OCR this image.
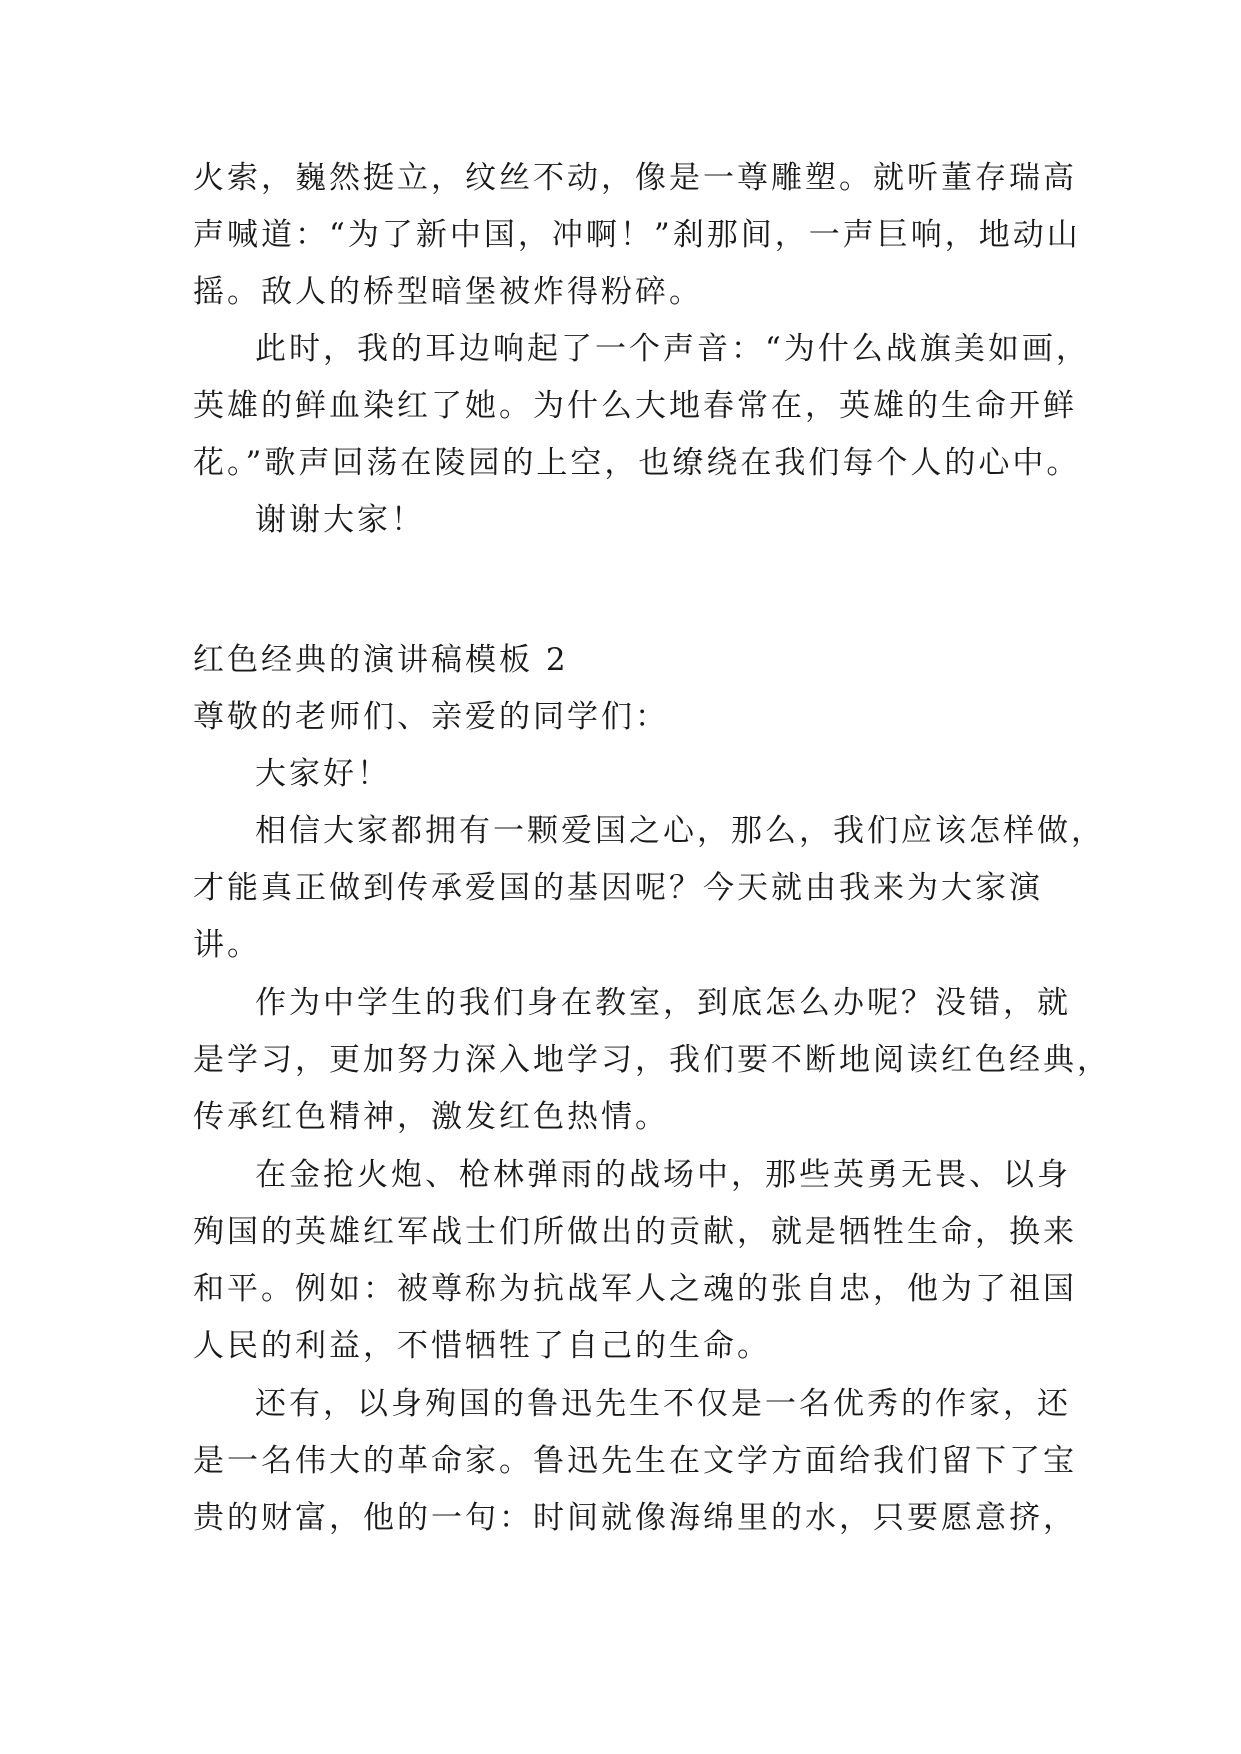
火索，巍然挺立，纹丝不动，像是一尊雕塑。就听董存瑞高
声喊道：“为了新中国，冲啊！”刹那间，一声巨响，地动山
摇。敌人的桥型暗堡被炸得粉碎。
此时，我的耳边响起了一个声音：“为什么战旗美如画，
英雄的鲜血染红了她。为什么大地春常在，英雄的生命开鲜
花。”歌声回荡在陵园的上空，也缭绕在我们每个人的心中。
谢谢大家！
红色经典的演讲稿模板 2
尊敬的老师们、亲爱的同学们：
大家好！
相信大家都拥有一颗爱国之心，那么，我们应该怎样做，
才能真正做到传承爱国的基因呢？今天就由我来为大家演
讲。
作为中学生的我们身在教室，到底怎么办呢？没错，就
是学习，更加努力深入地学习，我们要不断地阅读红色经典，
传承红色精神，激发红色热情。
在金抢火炮、枪林弹雨的战场中，那些英勇无畏、以身
殉国的英雄红军战士们所做出的贡献，就是牺牲生命，换来
和平。例如：被尊称为抗战军人之魂的张自忠，他为了祖国
人民的利益，不惜牺牲了自己的生命。
还有，以身殉国的鲁迅先生不仅是一名优秀的作家，还
是一名伟大的革命家。鲁迅先生在文学方面给我们留下了宝
贵的财富，他的一句：时间就像海绵里的水，只要愿意挤，
